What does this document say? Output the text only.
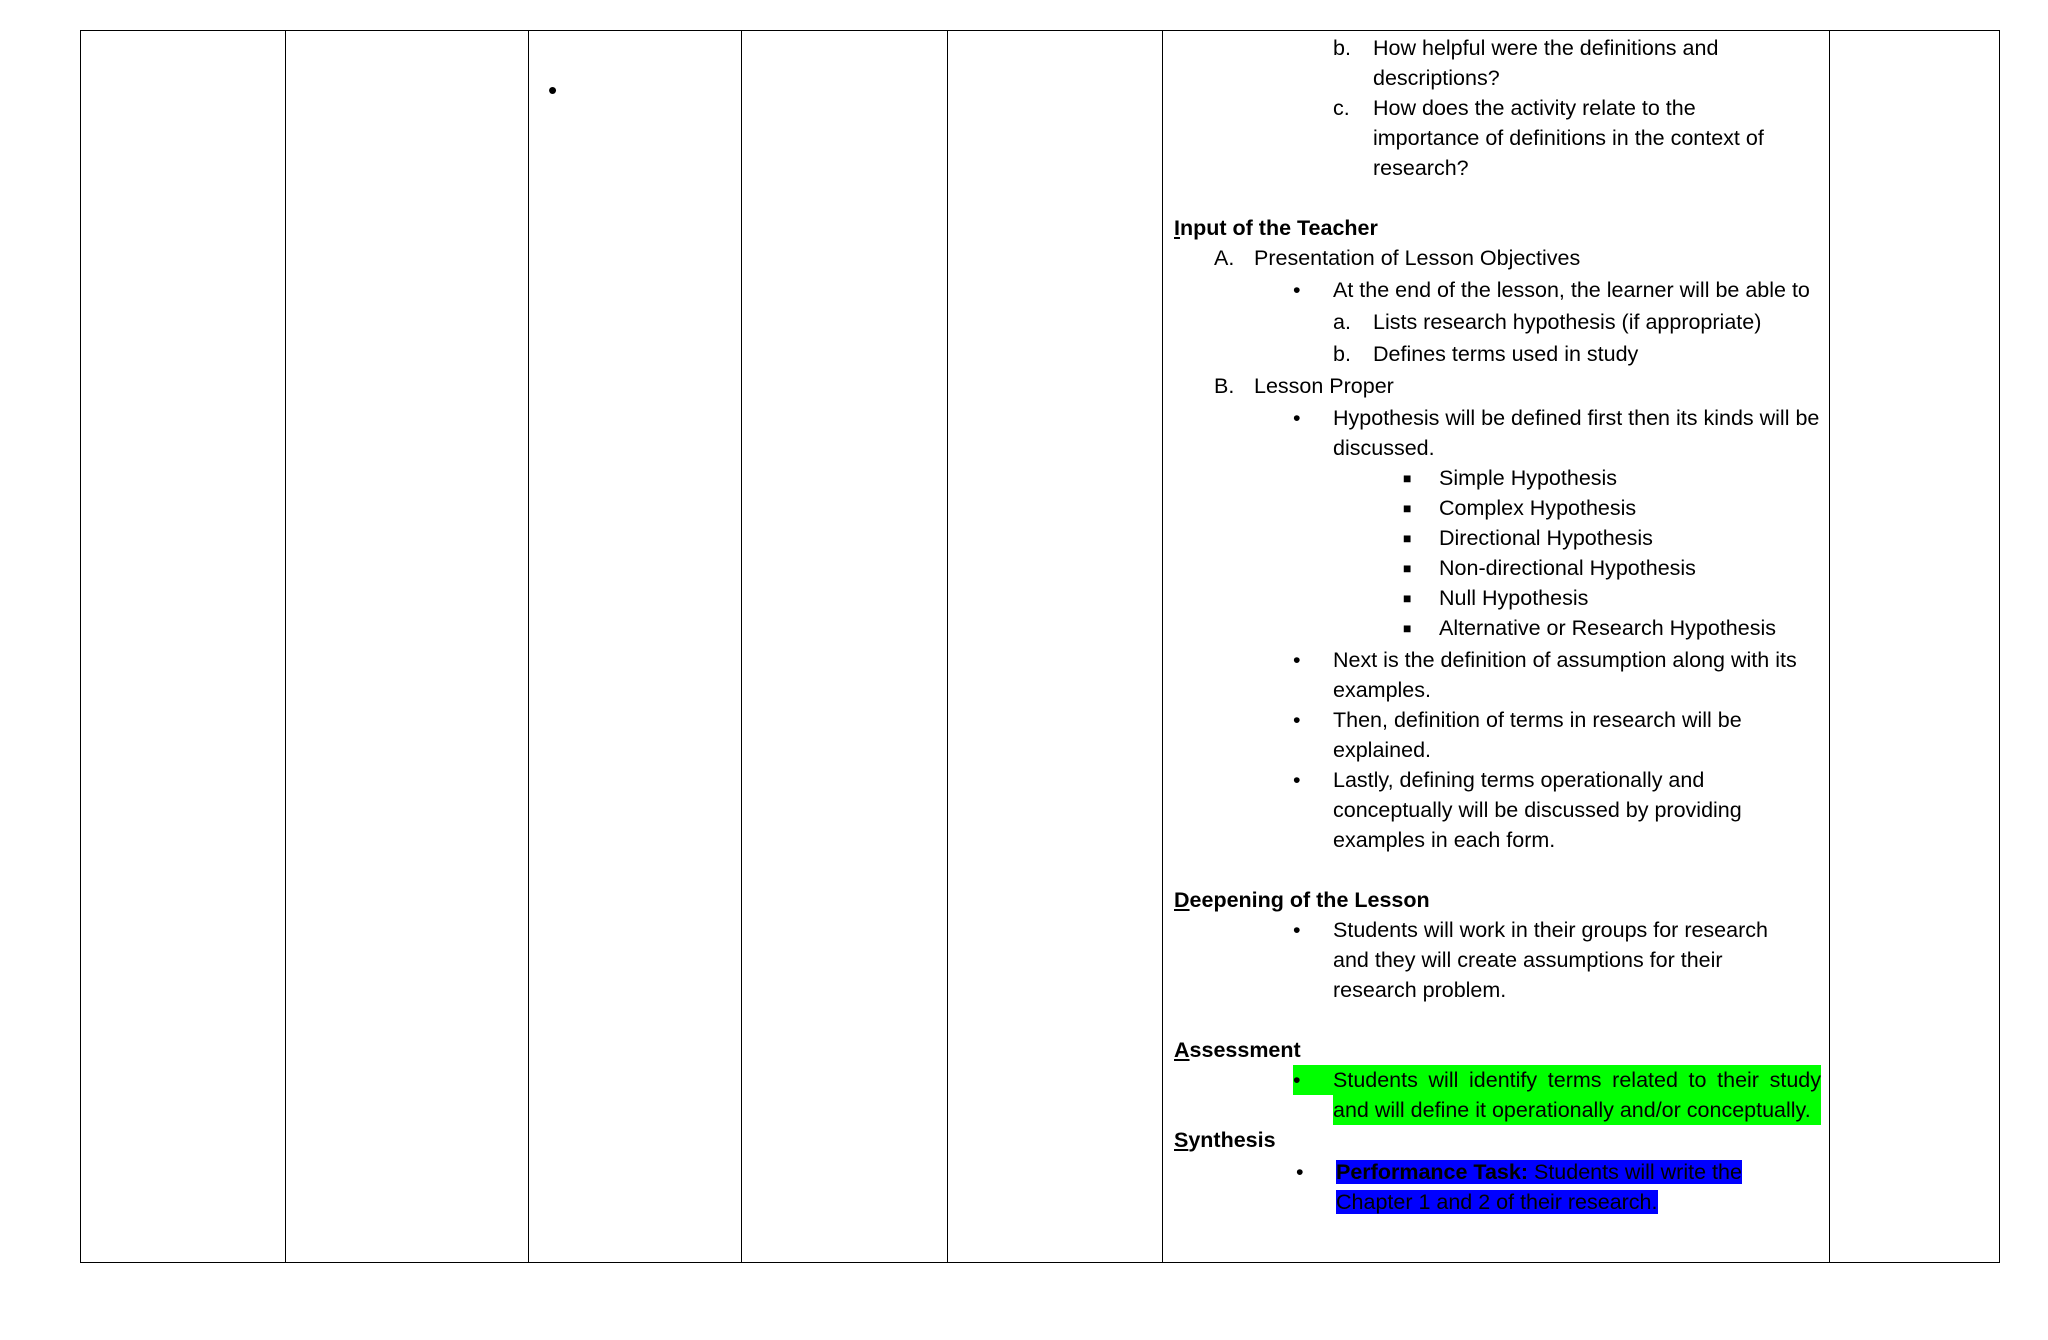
•

b.	How helpful were the definitions and descriptions?
c.	How does the activity relate to the importance of definitions in the context of research?
Input of the Teacher
A. Presentation of Lesson Objectives
•	At the end of the lesson, the learner will be able to
a.	Lists research hypothesis (if appropriate)
b.	Defines terms used in study
B. Lesson Proper
•	Hypothesis will be defined first then its kinds will be discussed.
■	Simple Hypothesis
■	Complex Hypothesis
■	Directional Hypothesis
■	Non-directional Hypothesis
■	Null Hypothesis
■	Alternative or Research Hypothesis
•	Next is the definition of assumption along with its examples.
•	Then, definition of terms in research will be explained.
•	Lastly, defining terms operationally and conceptually will be discussed by providing examples in each form.
Deepening of the Lesson
•	Students will work in their groups for research and they will create assumptions for their research problem.
Assessment
•	Students will identify terms related to their study and will define it operationally and/or conceptually.
Synthesis
•	Performance Task: Students will write the Chapter 1 and 2 of their research.
